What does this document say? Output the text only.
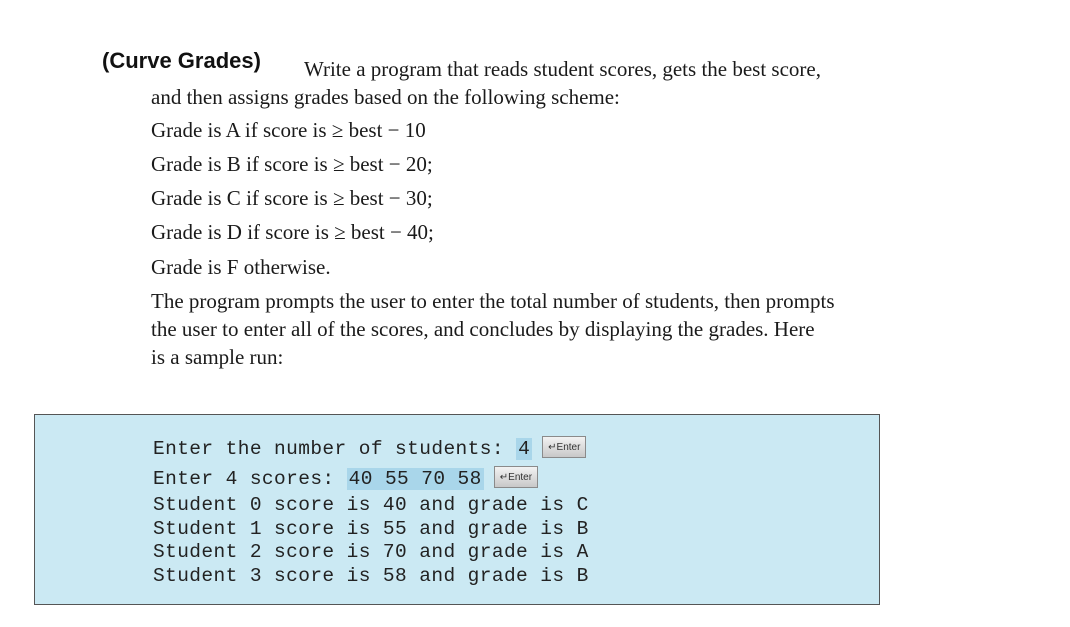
(Curve Grades) Write a program that reads student scores, gets the best score,
and then assigns grades based on the following scheme:
Grade is A if score is ≥ best − 10
Grade is B if score is ≥ best − 20;
Grade is C if score is ≥ best − 30;
Grade is D if score is ≥ best − 40;
Grade is F otherwise.
The program prompts the user to enter the total number of students, then prompts
the user to enter all of the scores, and concludes by displaying the grades. Here
is a sample run:
Enter the number of students: 4 ↵Enter
Enter 4 scores: 40 55 70 58 ↵Enter
Student 0 score is 40 and grade is C
Student 1 score is 55 and grade is B
Student 2 score is 70 and grade is A
Student 3 score is 58 and grade is B
